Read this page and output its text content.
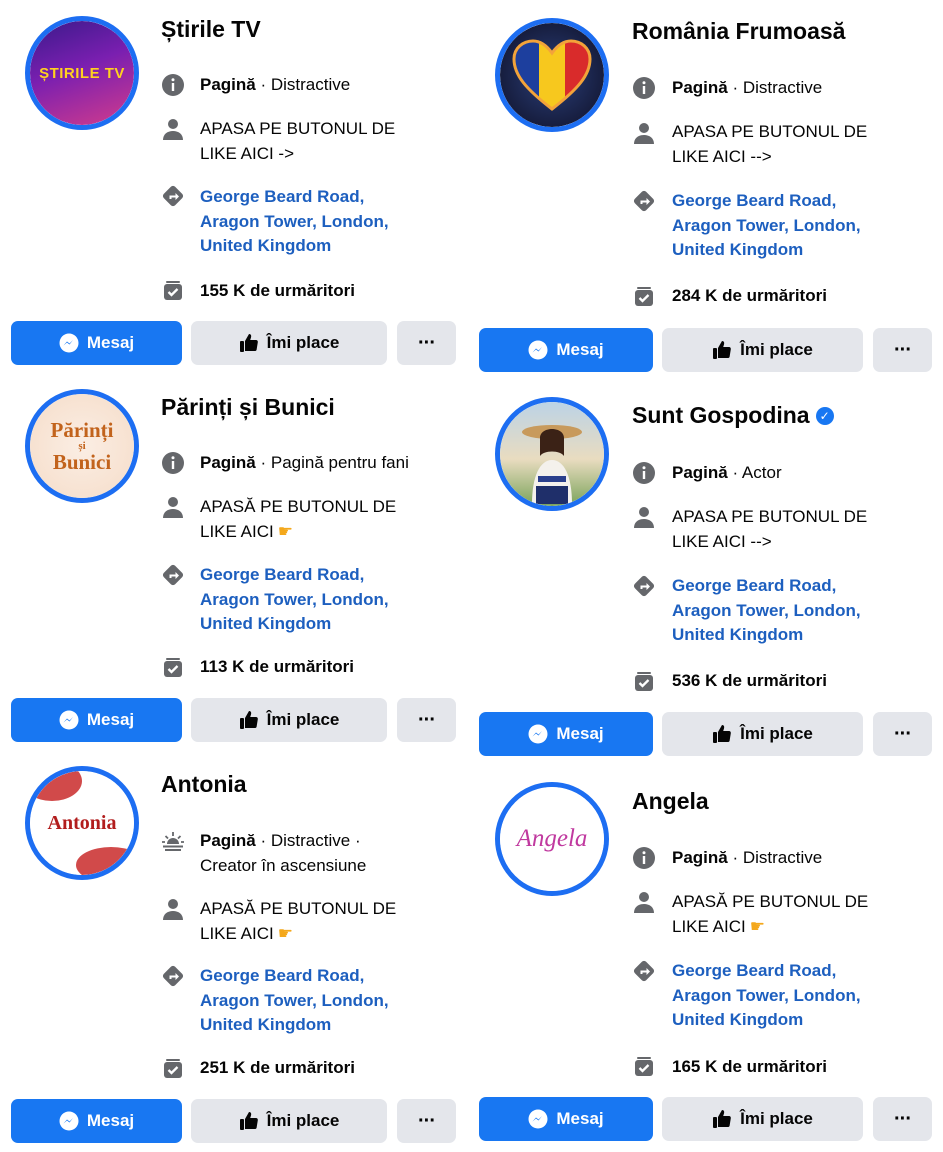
ȘTIRILE TV
Știrile TV
Pagină · Distractive
APASA PE BUTONUL DE
LIKE AICI ->
George Beard Road,
Aragon Tower, London,
United Kingdom
155 K de urmăritori
Mesaj	Îmi place	···
România Frumoasă
Pagină · Distractive
APASA PE BUTONUL DE
LIKE AICI -->
George Beard Road,
Aragon Tower, London,
United Kingdom
284 K de urmăritori
Mesaj	Îmi place	···
Părinți
și
Bunici
Părinți și Bunici
Pagină · Pagină pentru fani
APASĂ PE BUTONUL DE
LIKE AICI ☛
George Beard Road,
Aragon Tower, London,
United Kingdom
113 K de urmăritori
Mesaj	Îmi place	···
Sunt Gospodina ✓
Pagină · Actor
APASA PE BUTONUL DE
LIKE AICI -->
George Beard Road,
Aragon Tower, London,
United Kingdom
536 K de urmăritori
Mesaj	Îmi place	···
Antonia
Antonia
Pagină · Distractive ·
Creator în ascensiune
APASĂ PE BUTONUL DE
LIKE AICI ☛
George Beard Road,
Aragon Tower, London,
United Kingdom
251 K de urmăritori
Mesaj	Îmi place	···
Angela
Angela
Pagină · Distractive
APASĂ PE BUTONUL DE
LIKE AICI ☛
George Beard Road,
Aragon Tower, London,
United Kingdom
165 K de urmăritori
Mesaj	Îmi place	···
